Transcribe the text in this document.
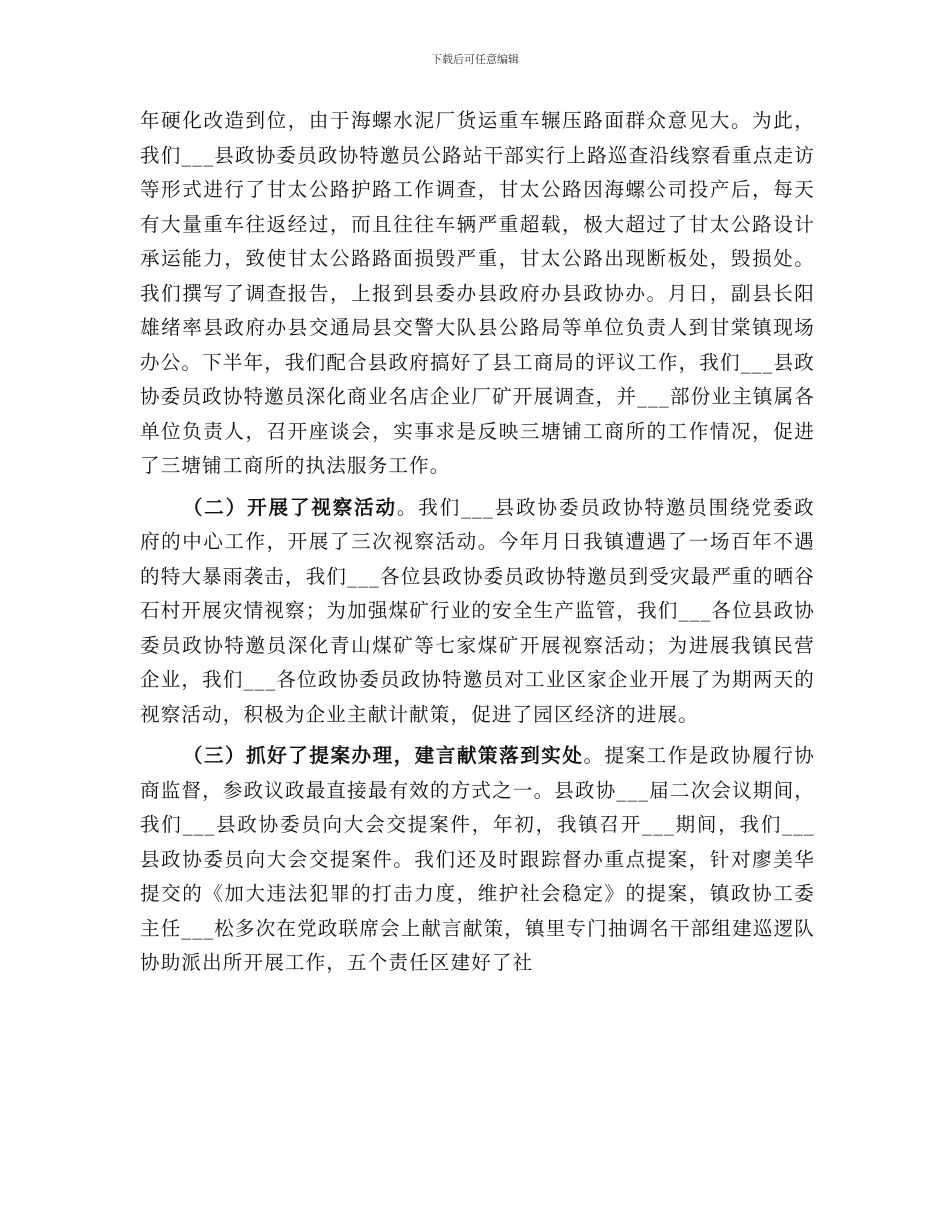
下载后可任意编辑

年硬化改造到位，由于海螺水泥厂货运重车辗压路面群众意见大。为此，我们___县政协委员政协特邀员公路站干部实行上路巡查沿线察看重点走访等形式进行了甘太公路护路工作调查，甘太公路因海螺公司投产后，每天有大量重车往返经过，而且往往车辆严重超载，极大超过了甘太公路设计承运能力，致使甘太公路路面损毁严重，甘太公路出现断板处，毁损处。我们撰写了调查报告，上报到县委办县政府办县政协办。月日，副县长阳雄绪率县政府办县交通局县交警大队县公路局等单位负责人到甘棠镇现场办公。下半年，我们配合县政府搞好了县工商局的评议工作，我们___县政协委员政协特邀员深化商业名店企业厂矿开展调查，并___部份业主镇属各单位负责人，召开座谈会，实事求是反映三塘铺工商所的工作情况，促进了三塘铺工商所的执法服务工作。

（二）开展了视察活动。我们___县政协委员政协特邀员围绕党委政府的中心工作，开展了三次视察活动。今年月日我镇遭遇了一场百年不遇的特大暴雨袭击，我们___各位县政协委员政协特邀员到受灾最严重的晒谷石村开展灾情视察；为加强煤矿行业的安全生产监管，我们___各位县政协委员政协特邀员深化青山煤矿等七家煤矿开展视察活动；为进展我镇民营企业，我们___各位政协委员政协特邀员对工业区家企业开展了为期两天的视察活动，积极为企业主献计献策，促进了园区经济的进展。

（三）抓好了提案办理，建言献策落到实处。提案工作是政协履行协商监督，参政议政最直接最有效的方式之一。县政协___届二次会议期间，我们___县政协委员向大会交提案件，年初，我镇召开___期间，我们___县政协委员向大会交提案件。我们还及时跟踪督办重点提案，针对廖美华提交的《加大违法犯罪的打击力度，维护社会稳定》的提案，镇政协工委主任___松多次在党政联席会上献言献策，镇里专门抽调名干部组建巡逻队协助派出所开展工作，五个责任区建好了社
